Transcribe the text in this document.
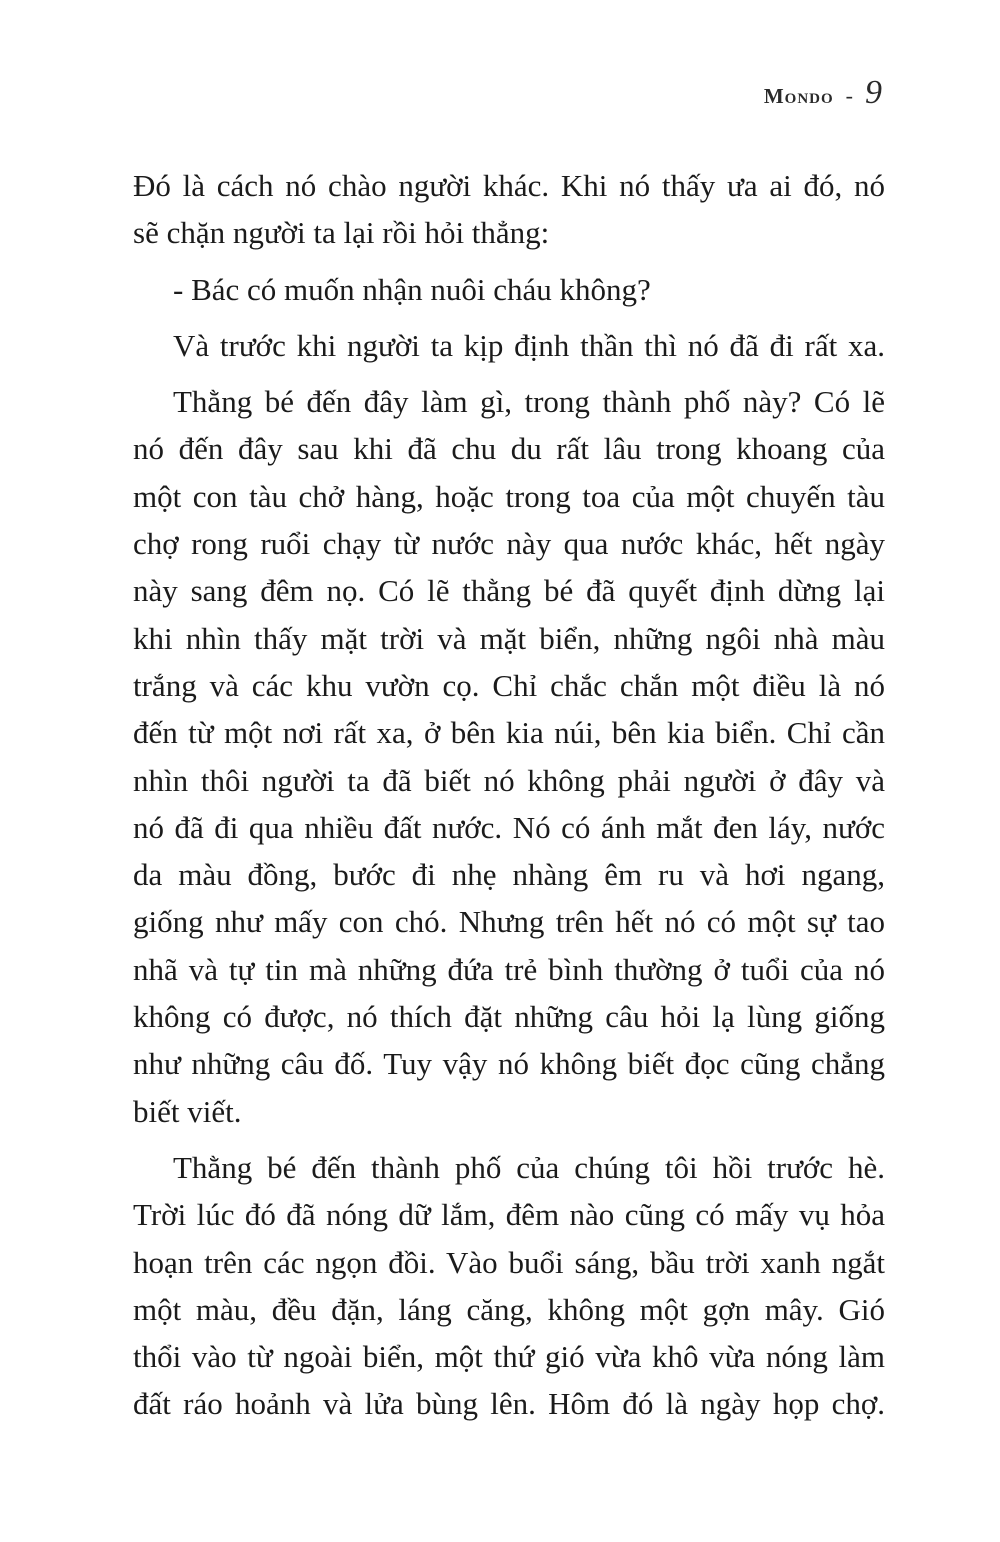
Mondo - 9
Đó là cách nó chào người khác. Khi nó thấy ưa ai đó, nó
sẽ chặn người ta lại rồi hỏi thẳng:
- Bác có muốn nhận nuôi cháu không?
Và trước khi người ta kịp định thần thì nó đã đi rất xa.
Thằng bé đến đây làm gì, trong thành phố này? Có lẽ
nó đến đây sau khi đã chu du rất lâu trong khoang của
một con tàu chở hàng, hoặc trong toa của một chuyến tàu
chợ rong ruổi chạy từ nước này qua nước khác, hết ngày
này sang đêm nọ. Có lẽ thằng bé đã quyết định dừng lại
khi nhìn thấy mặt trời và mặt biển, những ngôi nhà màu
trắng và các khu vườn cọ. Chỉ chắc chắn một điều là nó
đến từ một nơi rất xa, ở bên kia núi, bên kia biển. Chỉ cần
nhìn thôi người ta đã biết nó không phải người ở đây và
nó đã đi qua nhiều đất nước. Nó có ánh mắt đen láy, nước
da màu đồng, bước đi nhẹ nhàng êm ru và hơi ngang,
giống như mấy con chó. Nhưng trên hết nó có một sự tao
nhã và tự tin mà những đứa trẻ bình thường ở tuổi của nó
không có được, nó thích đặt những câu hỏi lạ lùng giống
như những câu đố. Tuy vậy nó không biết đọc cũng chẳng
biết viết.
Thằng bé đến thành phố của chúng tôi hồi trước hè.
Trời lúc đó đã nóng dữ lắm, đêm nào cũng có mấy vụ hỏa
hoạn trên các ngọn đồi. Vào buổi sáng, bầu trời xanh ngắt
một màu, đều đặn, láng căng, không một gợn mây. Gió
thổi vào từ ngoài biển, một thứ gió vừa khô vừa nóng làm
đất ráo hoảnh và lửa bùng lên. Hôm đó là ngày họp chợ.
